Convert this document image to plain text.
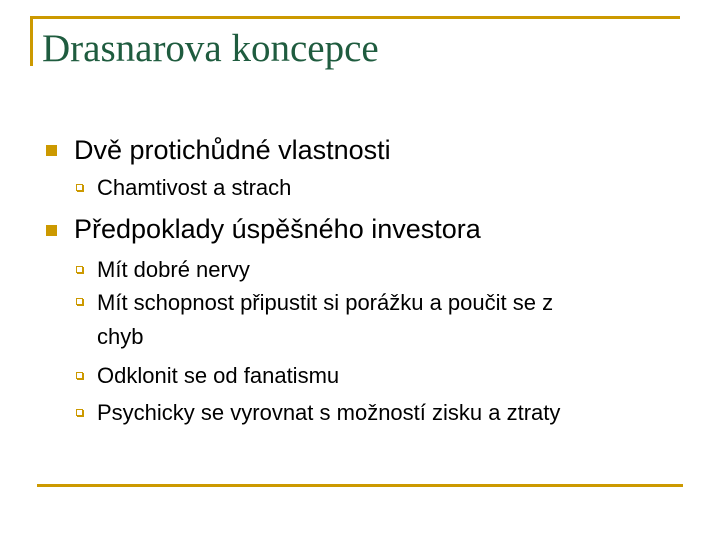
Drasnarova koncepce
Dvě protichůdné vlastnosti
Chamtivost a strach
Předpoklady úspěšného investora
Mít dobré nervy
Mít schopnost připustit si porážku a poučit se z
chyb
Odklonit se od fanatismu
Psychicky se vyrovnat s možností zisku a ztraty
